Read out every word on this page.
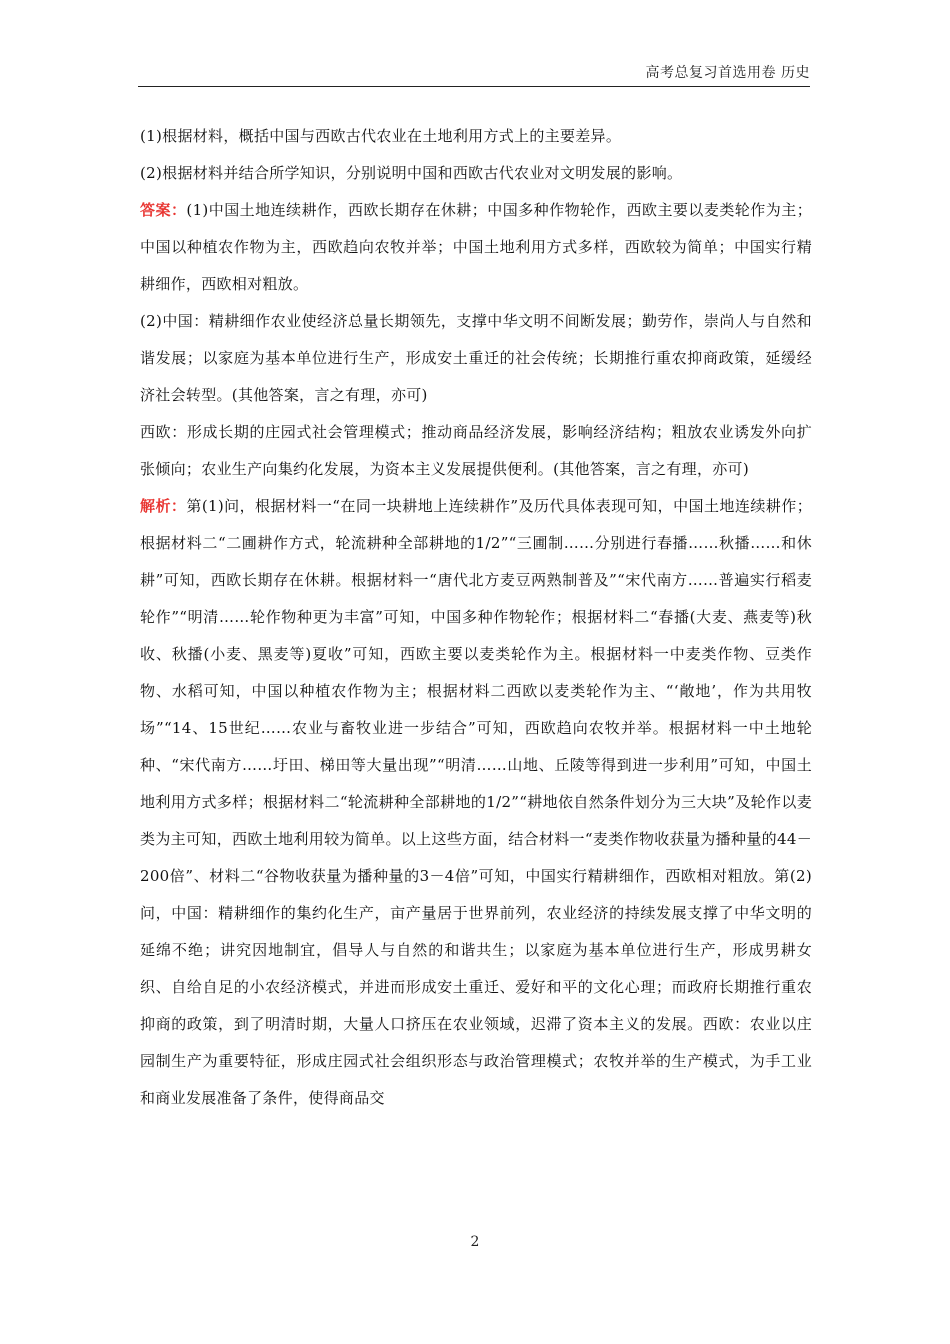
高考总复习首选用卷 历史

(1)根据材料，概括中国与西欧古代农业在土地利用方式上的主要差异。

(2)根据材料并结合所学知识，分别说明中国和西欧古代农业对文明发展的影响。

答案：(1)中国土地连续耕作，西欧长期存在休耕；中国多种作物轮作，西欧主要以麦类轮作为主；中国以种植农作物为主，西欧趋向农牧并举；中国土地利用方式多样，西欧较为简单；中国实行精耕细作，西欧相对粗放。

(2)中国：精耕细作农业使经济总量长期领先，支撑中华文明不间断发展；勤劳作，崇尚人与自然和谐发展；以家庭为基本单位进行生产，形成安土重迁的社会传统；长期推行重农抑商政策，延缓经济社会转型。(其他答案，言之有理，亦可)

西欧：形成长期的庄园式社会管理模式；推动商品经济发展，影响经济结构；粗放农业诱发外向扩张倾向；农业生产向集约化发展，为资本主义发展提供便利。(其他答案，言之有理，亦可)

解析：第(1)问，根据材料一“在同一块耕地上连续耕作”及历代具体表现可知，中国土地连续耕作；根据材料二“二圃耕作方式，轮流耕种全部耕地的1/2”“三圃制……分别进行春播……秋播……和休耕”可知，西欧长期存在休耕。根据材料一“唐代北方麦豆两熟制普及”“宋代南方……普遍实行稻麦轮作”“明清……轮作物种更为丰富”可知，中国多种作物轮作；根据材料二“春播(大麦、燕麦等)秋收、秋播(小麦、黑麦等)夏收”可知，西欧主要以麦类轮作为主。根据材料一中麦类作物、豆类作物、水稻可知，中国以种植农作物为主；根据材料二西欧以麦类轮作为主、“‘敞地’，作为共用牧场”“14、15世纪……农业与畜牧业进一步结合”可知，西欧趋向农牧并举。根据材料一中土地轮种、“宋代南方……圩田、梯田等大量出现”“明清……山地、丘陵等得到进一步利用”可知，中国土地利用方式多样；根据材料二“轮流耕种全部耕地的1/2”“耕地依自然条件划分为三大块”及轮作以麦类为主可知，西欧土地利用较为简单。以上这些方面，结合材料一“麦类作物收获量为播种量的44－200倍”、材料二“谷物收获量为播种量的3－4倍”可知，中国实行精耕细作，西欧相对粗放。第(2)问，中国：精耕细作的集约化生产，亩产量居于世界前列，农业经济的持续发展支撑了中华文明的延绵不绝；讲究因地制宜，倡导人与自然的和谐共生；以家庭为基本单位进行生产，形成男耕女织、自给自足的小农经济模式，并进而形成安土重迁、爱好和平的文化心理；而政府长期推行重农抑商的政策，到了明清时期，大量人口挤压在农业领域，迟滞了资本主义的发展。西欧：农业以庄园制生产为重要特征，形成庄园式社会组织形态与政治管理模式；农牧并举的生产模式，为手工业和商业发展准备了条件，使得商品交

2
